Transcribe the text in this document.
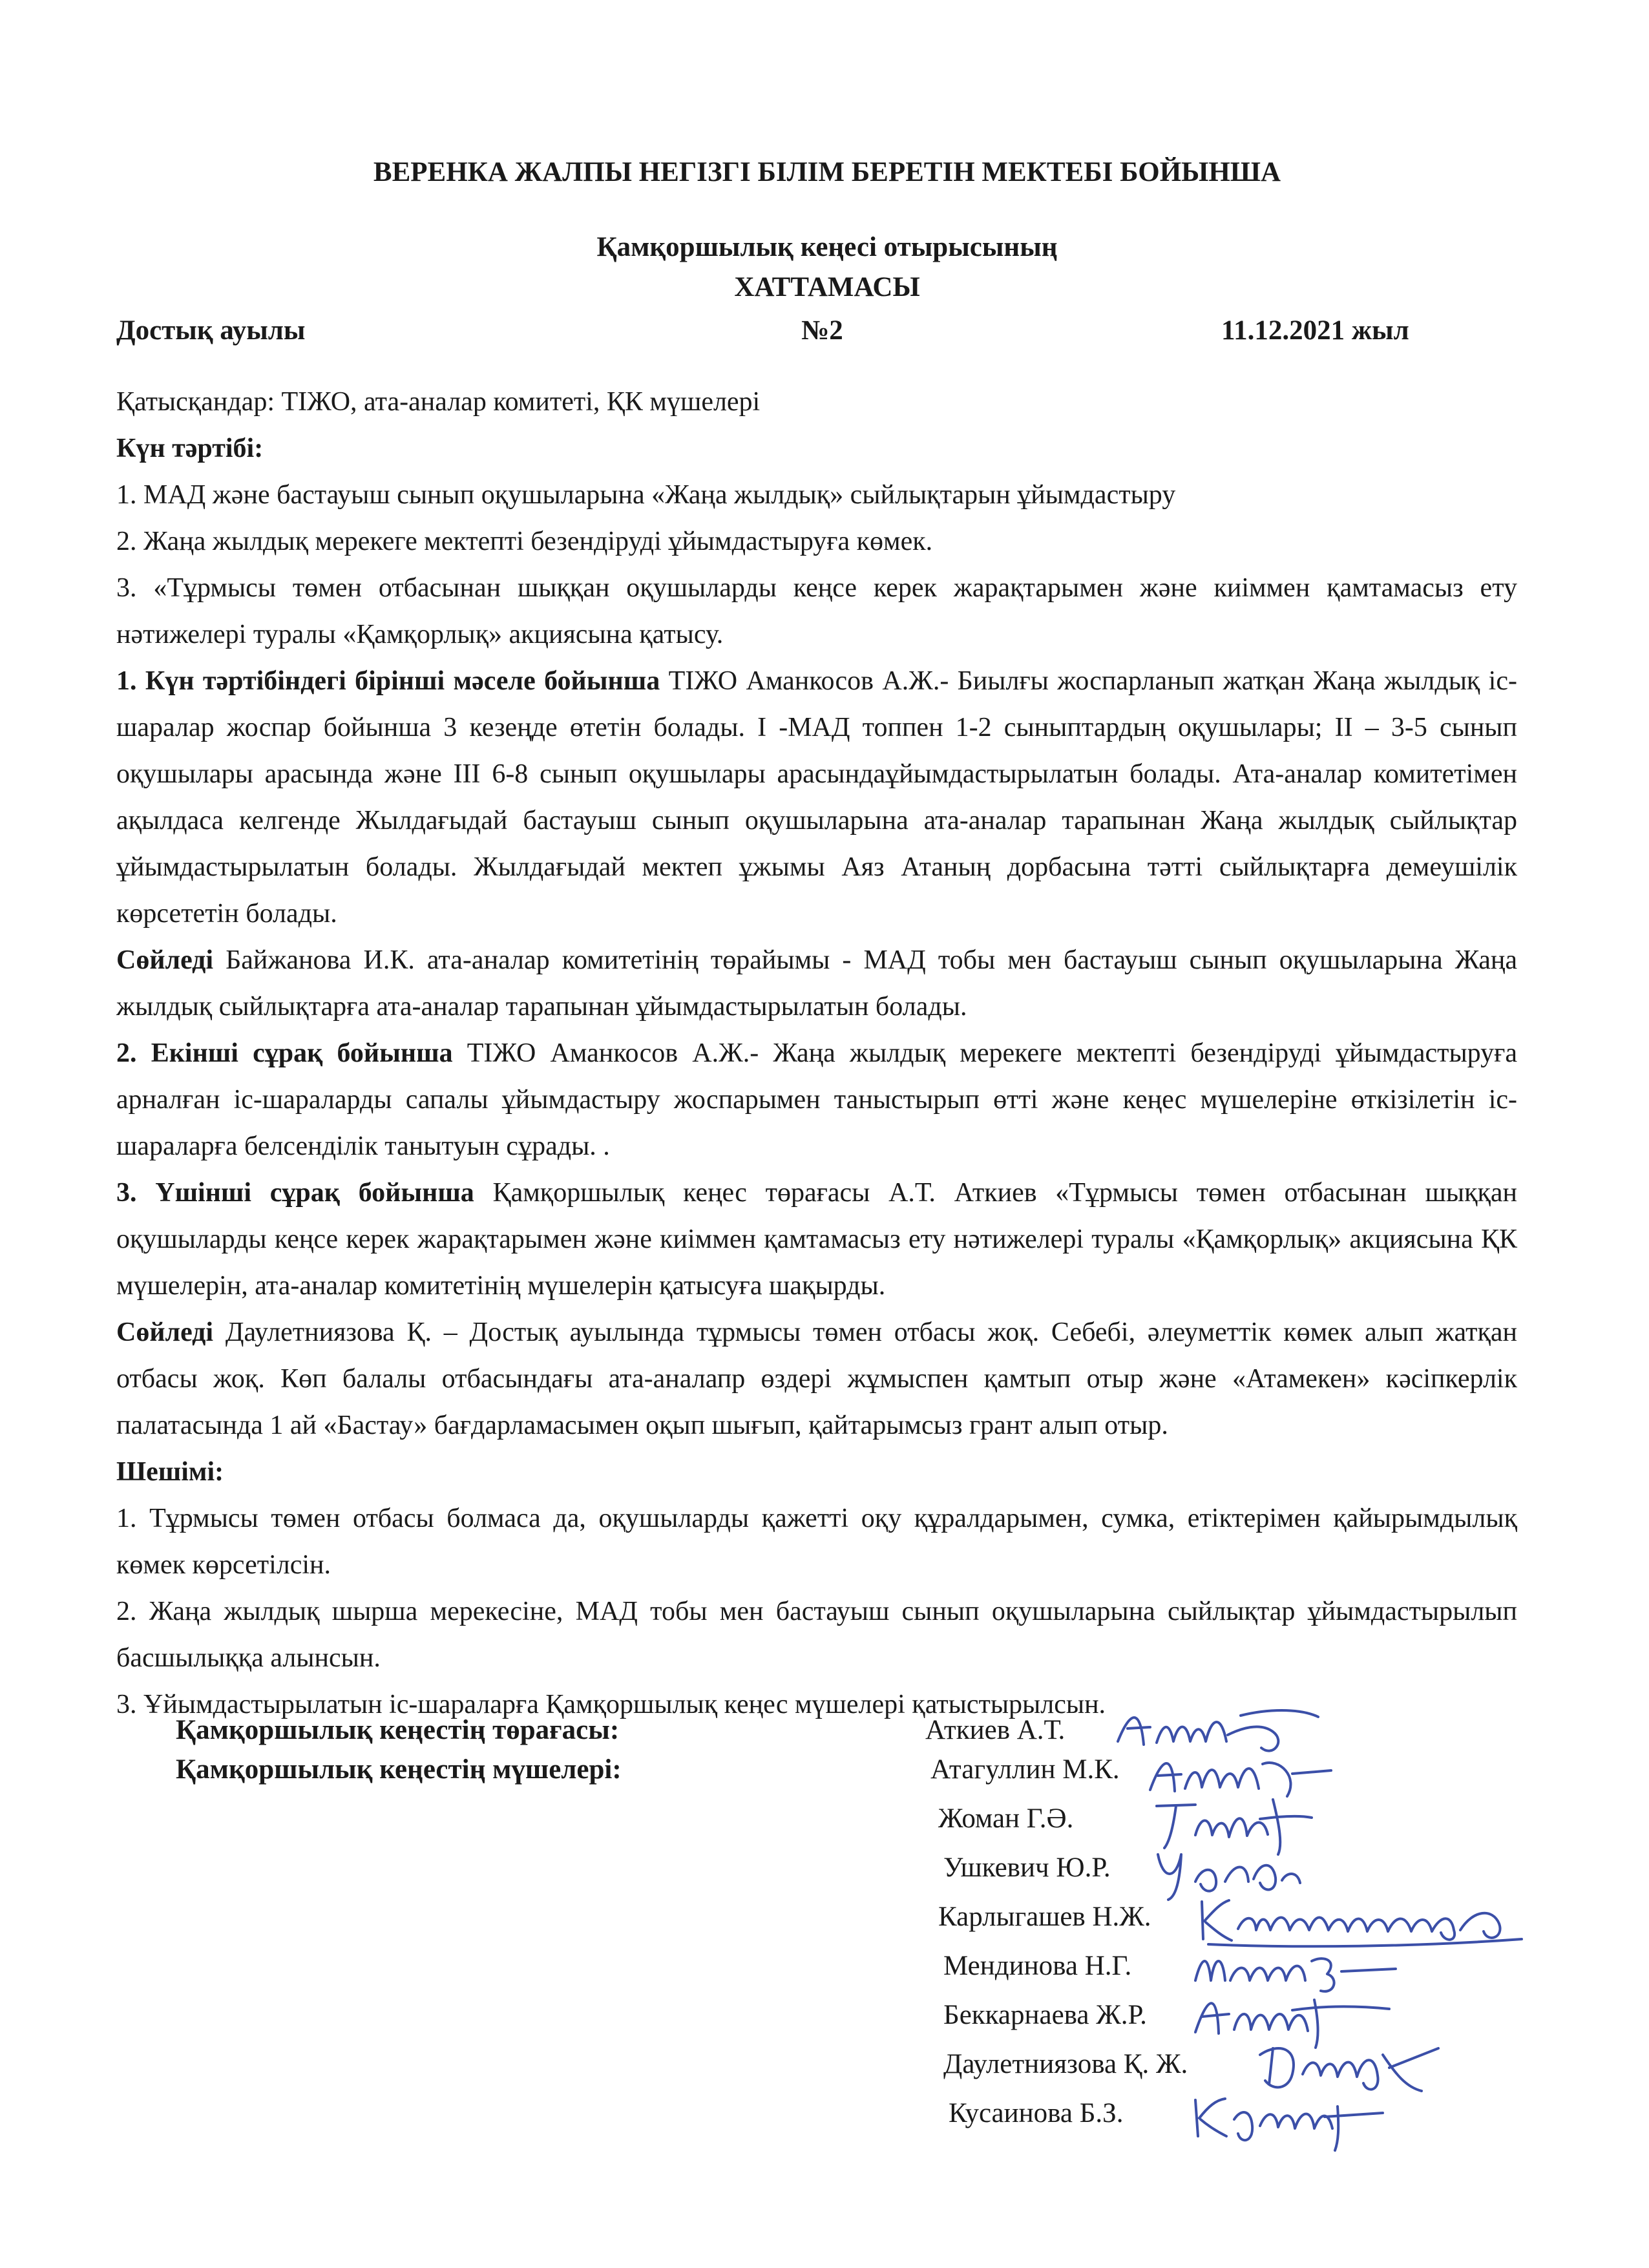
ВЕРЕНКА ЖАЛПЫ НЕГІЗГІ БІЛІМ БЕРЕТІН МЕКТЕБІ БОЙЫНША
Қамқоршылық кеңесі отырысының
ХАТТАМАСЫ
Достық ауылы	№2	11.12.2021 жыл

Қатысқандар: ТІЖО, ата-аналар комитеті, ҚК мүшелері

Күн тәртібі:

1. МАД және бастауыш сынып оқушыларына «Жаңа жылдық» сыйлықтарын ұйымдастыру

2. Жаңа жылдық мерекеге мектепті безендіруді ұйымдастыруға көмек.

3. «Тұрмысы төмен отбасынан шыққан оқушыларды кеңсе керек жарақтарымен және киіммен қамтамасыз ету нәтижелері туралы «Қамқорлық» акциясына қатысу.

1. Күн тәртібіндегі бірінші мәселе бойынша ТІЖО Аманкосов А.Ж.- Биылғы жоспарланып жатқан Жаңа жылдық іс-шаралар жоспар бойынша 3 кезеңде өтетін болады. І -МАД топпен 1-2 сыныптардың оқушылары; ІІ – 3-5 сынып оқушылары арасында және ІІІ 6-8 сынып оқушылары арасындаұйымдастырылатын болады. Ата-аналар комитетімен ақылдаса келгенде Жылдағыдай бастауыш сынып оқушыларына ата-аналар тарапынан Жаңа жылдық сыйлықтар ұйымдастырылатын болады. Жылдағыдай мектеп ұжымы Аяз Атаның дорбасына тәтті сыйлықтарға демеушілік көрсететін болады.

Сөйледі Байжанова И.К. ата-аналар комитетінің төрайымы - МАД тобы мен бастауыш сынып оқушыларына Жаңа жылдық сыйлықтарға ата-аналар тарапынан ұйымдастырылатын болады.

2. Екінші сұрақ бойынша ТІЖО Аманкосов А.Ж.- Жаңа жылдық мерекеге мектепті безендіруді ұйымдастыруға арналған іс-шараларды сапалы ұйымдастыру жоспарымен таныстырып өтті және кеңес мүшелеріне өткізілетін іс-шараларға белсенділік танытуын сұрады. .

3. Үшінші сұрақ бойынша Қамқоршылық кеңес төрағасы А.Т. Аткиев «Тұрмысы төмен отбасынан шыққан оқушыларды кеңсе керек жарақтарымен және киіммен қамтамасыз ету нәтижелері туралы «Қамқорлық» акциясына ҚК мүшелерін, ата-аналар комитетінің мүшелерін қатысуға шақырды.

Сөйледі Даулетниязова Қ. – Достық ауылында тұрмысы төмен отбасы жоқ. Себебі, әлеуметтік көмек алып жатқан отбасы жоқ. Көп балалы отбасындағы ата-аналапр өздері жұмыспен қамтып отыр және «Атамекен» кәсіпкерлік палатасында 1 ай «Бастау» бағдарламасымен оқып шығып, қайтарымсыз грант алып отыр.

Шешімі:

1. Тұрмысы төмен отбасы болмаса да, оқушыларды қажетті оқу құралдарымен, сумка, етіктерімен қайырымдылық көмек көрсетілсін.

2. Жаңа жылдық шырша мерекесіне, МАД тобы мен бастауыш сынып оқушыларына сыйлықтар ұйымдастырылып басшылыққа алынсын.

3. Ұйымдастырылатын іс-шараларға Қамқоршылық кеңес мүшелері қатыстырылсын.

Қамқоршылық кеңестің төрағасы:
Қамқоршылық кеңестің мүшелері:
Аткиев А.Т.
Атагуллин М.К.
Жоман Г.Ә.
Ушкевич Ю.Р.
Карлыгашев Н.Ж.
Мендинова Н.Г.
Беккарнаева Ж.Р.
Даулетниязова Қ. Ж.
Кусаинова Б.З.
